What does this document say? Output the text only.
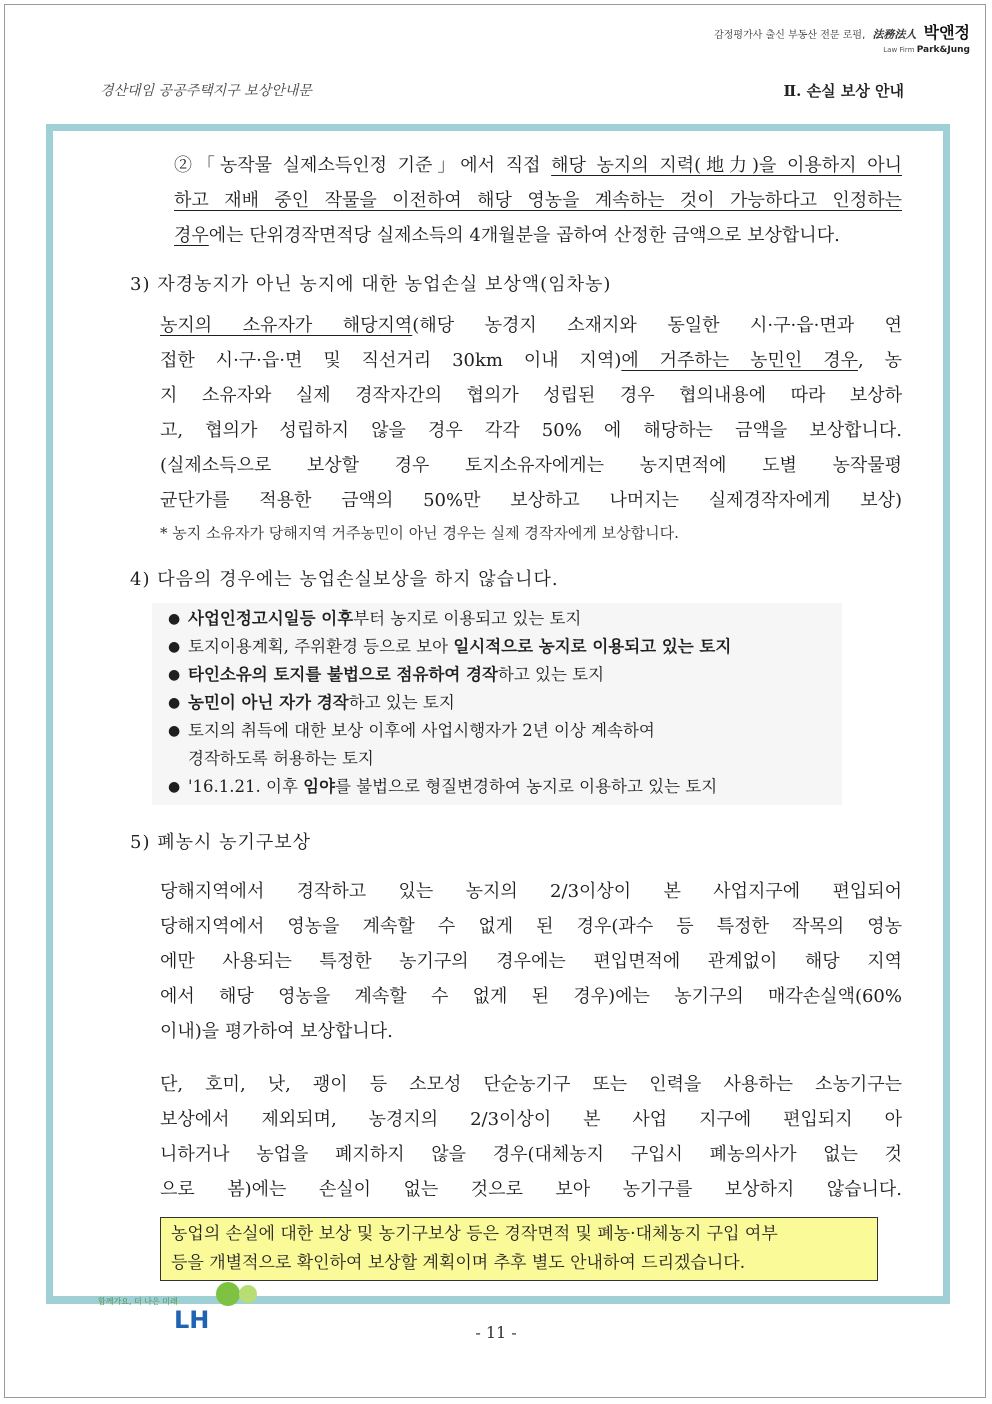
감정평가사 출신 부동산 전문 로펌, 法務法人 박앤정
Law Firm Park&Jung
경산대임 공공주택지구 보상안내문	Ⅱ. 손실 보상 안내

②「농작물 실제소득인정 기준」에서 직접 해당 농지의 지력(地力)을 이용하지 아니

하고 재배 중인 작물을 이전하여 해당 영농을 계속하는 것이 가능하다고 인정하는

경우에는 단위경작면적당 실제소득의 4개월분을 곱하여 산정한 금액으로 보상합니다.

3) 자경농지가 아닌 농지에 대한 농업손실 보상액(임차농)

농지의 소유자가 해당지역(해당 농경지 소재지와 동일한 시·구·읍·면과 연

접한 시·구·읍·면 및 직선거리 30km 이내 지역)에 거주하는 농민인 경우, 농

지 소유자와 실제 경작자간의 협의가 성립된 경우 협의내용에 따라 보상하

고, 협의가 성립하지 않을 경우 각각 50% 에 해당하는 금액을 보상합니다.

(실제소득으로 보상할 경우 토지소유자에게는 농지면적에 도별 농작물평

균단가를 적용한 금액의 50%만 보상하고 나머지는 실제경작자에게 보상)

* 농지 소유자가 당해지역 거주농민이 아닌 경우는 실제 경작자에게 보상합니다.

4) 다음의 경우에는 농업손실보상을 하지 않습니다.

● 사업인정고시일등 이후부터 농지로 이용되고 있는 토지
● 토지이용계획, 주위환경 등으로 보아 일시적으로 농지로 이용되고 있는 토지
● 타인소유의 토지를 불법으로 점유하여 경작하고 있는 토지
● 농민이 아닌 자가 경작하고 있는 토지
● 토지의 취득에 대한 보상 이후에 사업시행자가 2년 이상 계속하여
경작하도록 허용하는 토지
● '16.1.21. 이후 임야를 불법으로 형질변경하여 농지로 이용하고 있는 토지

5) 폐농시 농기구보상

당해지역에서 경작하고 있는 농지의 2/3이상이 본 사업지구에 편입되어

당해지역에서 영농을 계속할 수 없게 된 경우(과수 등 특정한 작목의 영농

에만 사용되는 특정한 농기구의 경우에는 편입면적에 관계없이 해당 지역

에서 해당 영농을 계속할 수 없게 된 경우)에는 농기구의 매각손실액(60%

이내)을 평가하여 보상합니다.

단, 호미, 낫, 괭이 등 소모성 단순농기구 또는 인력을 사용하는 소농기구는

보상에서 제외되며, 농경지의 2/3이상이 본 사업 지구에 편입되지 아

니하거나 농업을 폐지하지 않을 경우(대체농지 구입시 폐농의사가 없는 것

으로 봄)에는 손실이 없는 것으로 보아 농기구를 보상하지 않습니다.

농업의 손실에 대한 보상 및 농기구보상 등은 경작면적 및 폐농·대체농지 구입 여부
등을 개별적으로 확인하여 보상할 계획이며 추후 별도 안내하여 드리겠습니다.
함께가요, 더 나은 미래
LH	- 11 -
